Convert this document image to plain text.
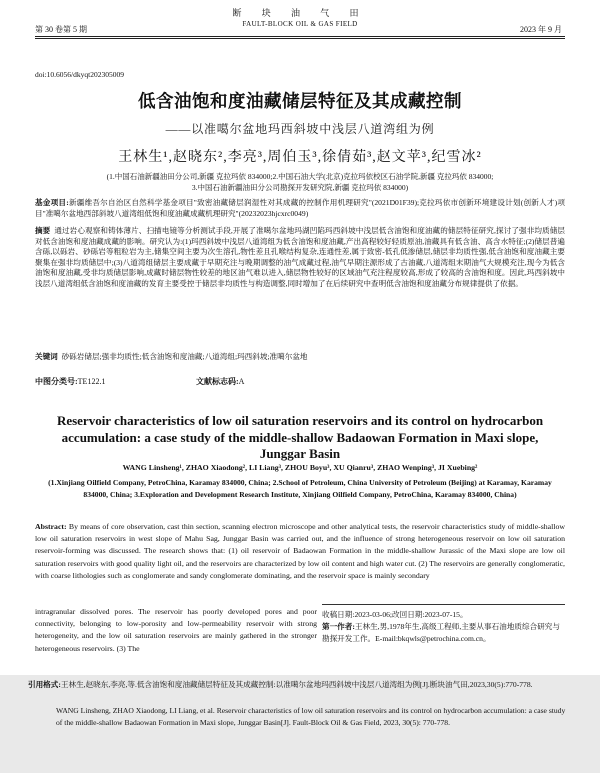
断 块 油 气 田
FAULT-BLOCK OIL & GAS FIELD
第 30 卷第 5 期	2023 年 9 月
doi:10.6056/dkyqt202305009
低含油饱和度油藏储层特征及其成藏控制
——以准噶尔盆地玛西斜坡中浅层八道湾组为例
王林生¹,赵晓东²,李亮³,周伯玉³,徐倩茹³,赵文苹³,纪雪冰²
(1.中国石油新疆油田分公司,新疆 克拉玛依 834000;2.中国石油大学(北京)克拉玛依校区石油学院,新疆 克拉玛依 834000;
3.中国石油新疆油田分公司勘探开发研究院,新疆 克拉玛依 834000)
基金项目:新疆维吾尔自治区自然科学基金项目"致密油藏储层润湿性对其成藏的控制作用机理研究"(2021D01F39);克拉玛依市创新环境建设计划(创新人才)项目"准噶尔盆地西部斜坡八道湾组低饱和度油藏成藏机理研究"(20232023hjcxrc0049)
摘要 通过岩心观察和铸体薄片、扫描电镜等分析测试手段,开展了准噶尔盆地玛湖凹陷玛西斜坡中浅层低含油饱和度油藏的储层特征研究,探讨了强非均质储层对低含油饱和度油藏成藏的影响。研究认为:(1)玛西斜坡中浅层八道湾组为低含油饱和度油藏,产出高程较好轻质原油,油藏具有低含油、高含水特征;(2)储层普遍含砾,以砾岩、砂砾岩等粗粒岩为主,储集空间主要为次生溶孔,物性差且孔喉结构复杂,连通性差,属于致密-低孔低渗储层,储层非均质性强,低含油饱和度油藏主要聚集在强非均质储层中;(3)八道湾组储层主要成藏于早期充注与晚期调整的油气成藏过程,油气早期注源形成了古油藏,八道湾组末期油气大规模充注,现今为低含油饱和度油藏,受非均质储层影响,成藏时储层物性较差的地区油气难以进入,储层物性较好的区域油气充注程度较高,形成了较高的含油饱和度。因此,玛西斜坡中浅层八道湾组低含油饱和度油藏的发育主要受控于储层非均质性与构造调整,同时增加了在后续研究中查明低含油饱和度油藏分布规律提供了依据。
关键词 砂砾岩储层;强非均质性;低含油饱和度油藏;八道湾组;玛西斜坡;准噶尔盆地
中图分类号:TE122.1	文献标志码:A
Reservoir characteristics of low oil saturation reservoirs and its control on hydrocarbon accumulation: a case study of the middle-shallow Badaowan Formation in Maxi slope, Junggar Basin
WANG Linsheng¹, ZHAO Xiaodong², LI Liang³, ZHOU Boyu³, XU Qianru³, ZHAO Wenping³, JI Xuebing²
(1.Xinjiang Oilfield Company, PetroChina, Karamay 834000, China; 2.School of Petroleum, China University of Petroleum (Beijing) at Karamay, Karamay 834000, China; 3.Exploration and Development Research Institute, Xinjiang Oilfield Company, PetroChina, Karamay 834000, China)
Abstract: By means of core observation, cast thin section, scanning electron microscope and other analytical tests, the reservoir characteristics study of middle-shallow low oil saturation reservoirs in west slope of Mahu Sag, Junggar Basin was carried out, and the influence of strong heterogeneous reservoir on low oil saturation reservoir-forming was discussed. The research shows that: (1) oil reservoir of Badaowan Formation in the middle-shallow Jurassic of the Maxi slope are low oil saturation reservoirs with good quality light oil, and the reservoirs are characterized by low oil content and high water cut. (2) The reservoirs are generally conglomeratic, with coarse lithologies such as conglomerate and sandy conglomerate dominating, and the reservoir space is mainly secondary
intragranular dissolved pores. The reservoir has poorly developed pores and poor connectivity, belonging to low-porosity and low-permeability reservoir with strong heterogeneity, and the low oil saturation reservoirs are mainly gathered in the stronger heterogeneous reservoirs. (3) The
收稿日期:2023-03-06;改回日期:2023-07-15。
第一作者:王林生,男,1978年生,高级工程师,主要从事石油地质综合研究与勘探开发工作。E-mail:bkqwls@petrochina.com.cn。
引用格式:王林生,赵晓东,李亮,等.低含油饱和度油藏储层特征及其成藏控制:以准噶尔盆地玛西斜坡中浅层八道湾组为例[J].断块油气田,2023,30(5):770-778.
WANG Linsheng, ZHAO Xiaodong, LI Liang, et al. Reservoir characteristics of low oil saturation reservoirs and its control on hydrocarbon accumulation: a case study of the middle-shallow Badaowan Formation in Maxi slope, Junggar Basin[J]. Fault-Block Oil & Gas Field, 2023, 30(5): 770-778.
